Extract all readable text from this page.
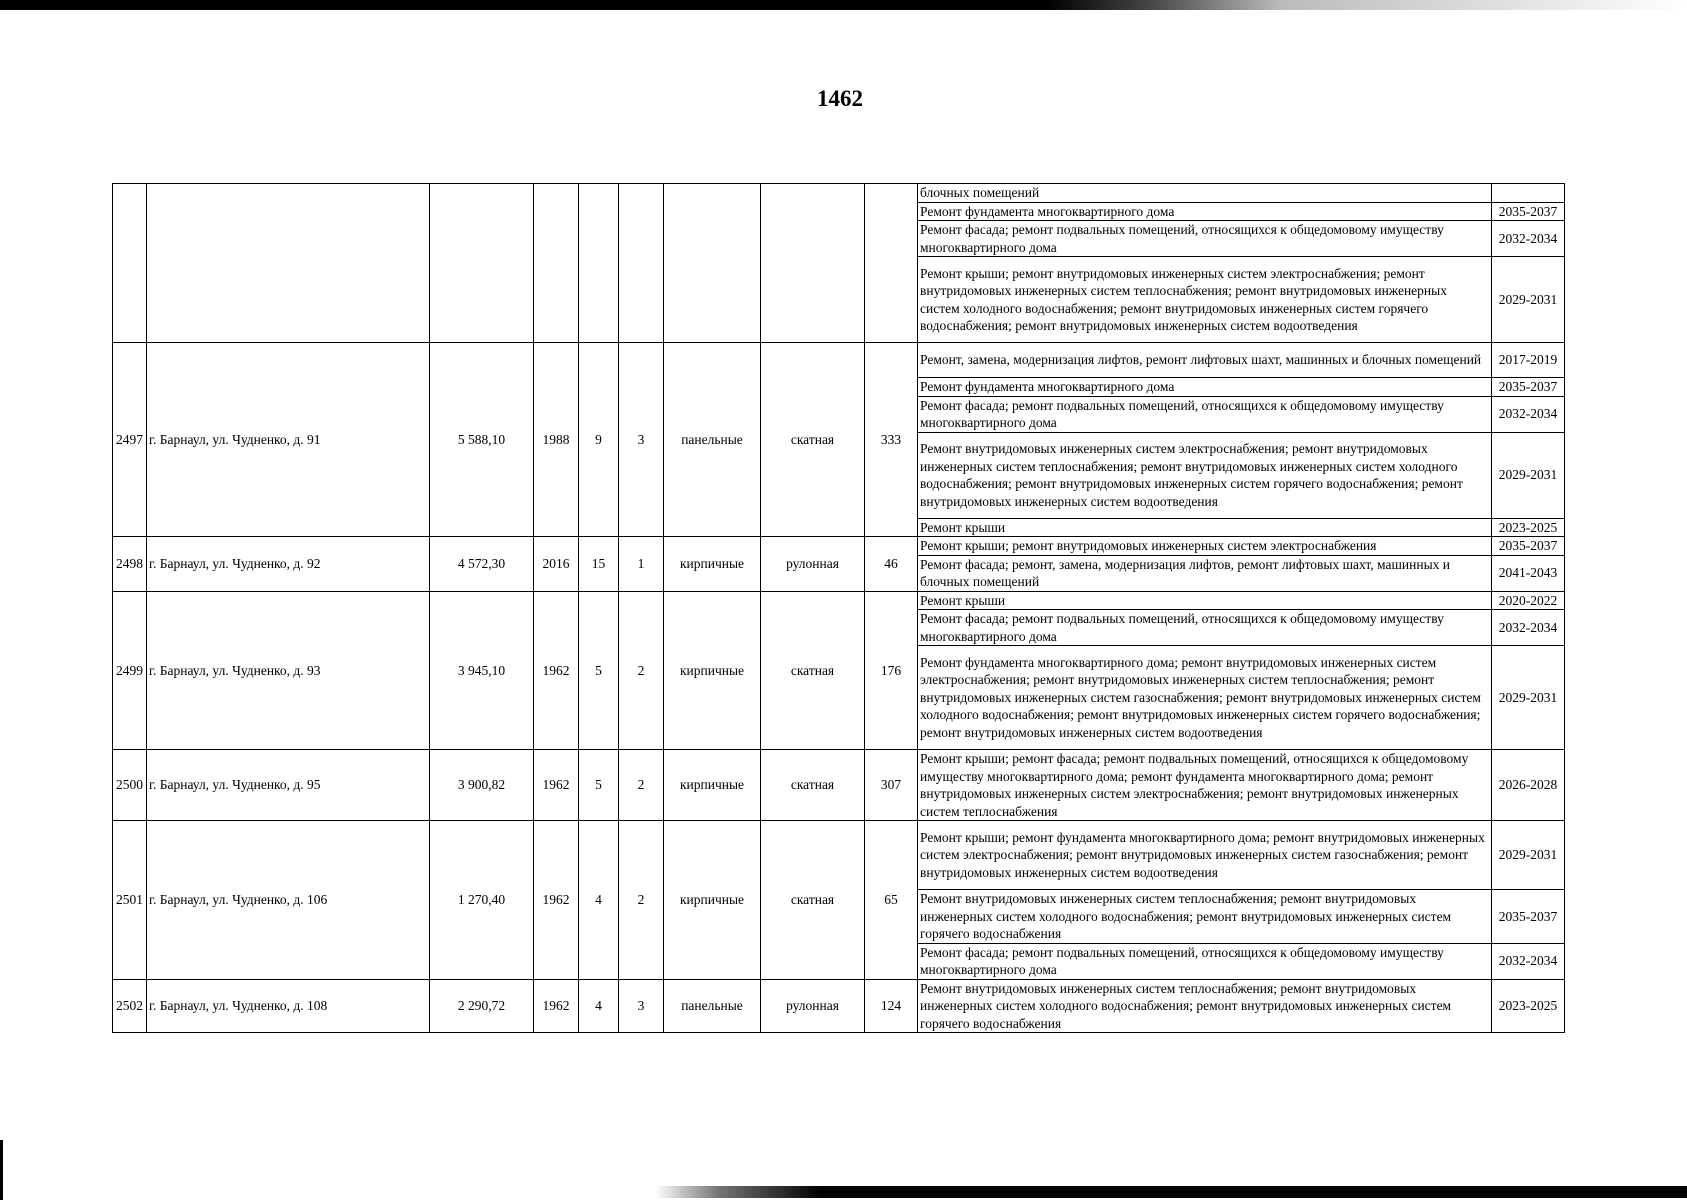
1462
									блочных помещений	
									Ремонт фундамента многоквартирного дома	2035-2037
									Ремонт фасада; ремонт подвальных помещений, относящихся к общедомовому имуществу многоквартирного дома	2032-2034
									Ремонт крыши; ремонт внутридомовых инженерных систем электроснабжения; ремонт внутридомовых инженерных систем теплоснабжения; ремонт внутридомовых инженерных систем холодного водоснабжения; ремонт внутридомовых инженерных систем горячего водоснабжения; ремонт внутридомовых инженерных систем водоотведения	2029-2031
2497	г. Барнаул, ул. Чудненко, д. 91	5 588,10	1988	9	3	панельные	скатная	333	Ремонт, замена, модернизация лифтов, ремонт лифтовых шахт, машинных и блочных помещений	2017-2019
									Ремонт фундамента многоквартирного дома	2035-2037
									Ремонт фасада; ремонт подвальных помещений, относящихся к общедомовому имуществу многоквартирного дома	2032-2034
									Ремонт внутридомовых инженерных систем электроснабжения; ремонт внутридомовых инженерных систем теплоснабжения; ремонт внутридомовых инженерных систем холодного водоснабжения; ремонт внутридомовых инженерных систем горячего водоснабжения; ремонт внутридомовых инженерных систем водоотведения	2029-2031
									Ремонт крыши	2023-2025
2498	г. Барнаул, ул. Чудненко, д. 92	4 572,30	2016	15	1	кирпичные	рулонная	46	Ремонт крыши; ремонт внутридомовых инженерных систем электроснабжения	2035-2037
									Ремонт фасада; ремонт, замена, модернизация лифтов, ремонт лифтовых шахт, машинных и блочных помещений	2041-2043
2499	г. Барнаул, ул. Чудненко, д. 93	3 945,10	1962	5	2	кирпичные	скатная	176	Ремонт крыши	2020-2022
									Ремонт фасада; ремонт подвальных помещений, относящихся к общедомовому имуществу многоквартирного дома	2032-2034
									Ремонт фундамента многоквартирного дома; ремонт внутридомовых инженерных систем электроснабжения; ремонт внутридомовых инженерных систем теплоснабжения; ремонт внутридомовых инженерных систем газоснабжения; ремонт внутридомовых инженерных систем холодного водоснабжения; ремонт внутридомовых инженерных систем горячего водоснабжения; ремонт внутридомовых инженерных систем водоотведения	2029-2031
2500	г. Барнаул, ул. Чудненко, д. 95	3 900,82	1962	5	2	кирпичные	скатная	307	Ремонт крыши; ремонт фасада; ремонт подвальных помещений, относящихся к общедомовому имуществу многоквартирного дома; ремонт фундамента многоквартирного дома; ремонт внутридомовых инженерных систем электроснабжения; ремонт внутридомовых инженерных систем теплоснабжения	2026-2028
2501	г. Барнаул, ул. Чудненко, д. 106	1 270,40	1962	4	2	кирпичные	скатная	65	Ремонт крыши; ремонт фундамента многоквартирного дома; ремонт внутридомовых инженерных систем электроснабжения; ремонт внутридомовых инженерных систем газоснабжения; ремонт внутридомовых инженерных систем водоотведения	2029-2031
									Ремонт внутридомовых инженерных систем теплоснабжения; ремонт внутридомовых инженерных систем холодного водоснабжения; ремонт внутридомовых инженерных систем горячего водоснабжения	2035-2037
									Ремонт фасада; ремонт подвальных помещений, относящихся к общедомовому имуществу многоквартирного дома	2032-2034
2502	г. Барнаул, ул. Чудненко, д. 108	2 290,72	1962	4	3	панельные	рулонная	124	Ремонт внутридомовых инженерных систем теплоснабжения; ремонт внутридомовых инженерных систем холодного водоснабжения; ремонт внутридомовых инженерных систем горячего водоснабжения	2023-2025
